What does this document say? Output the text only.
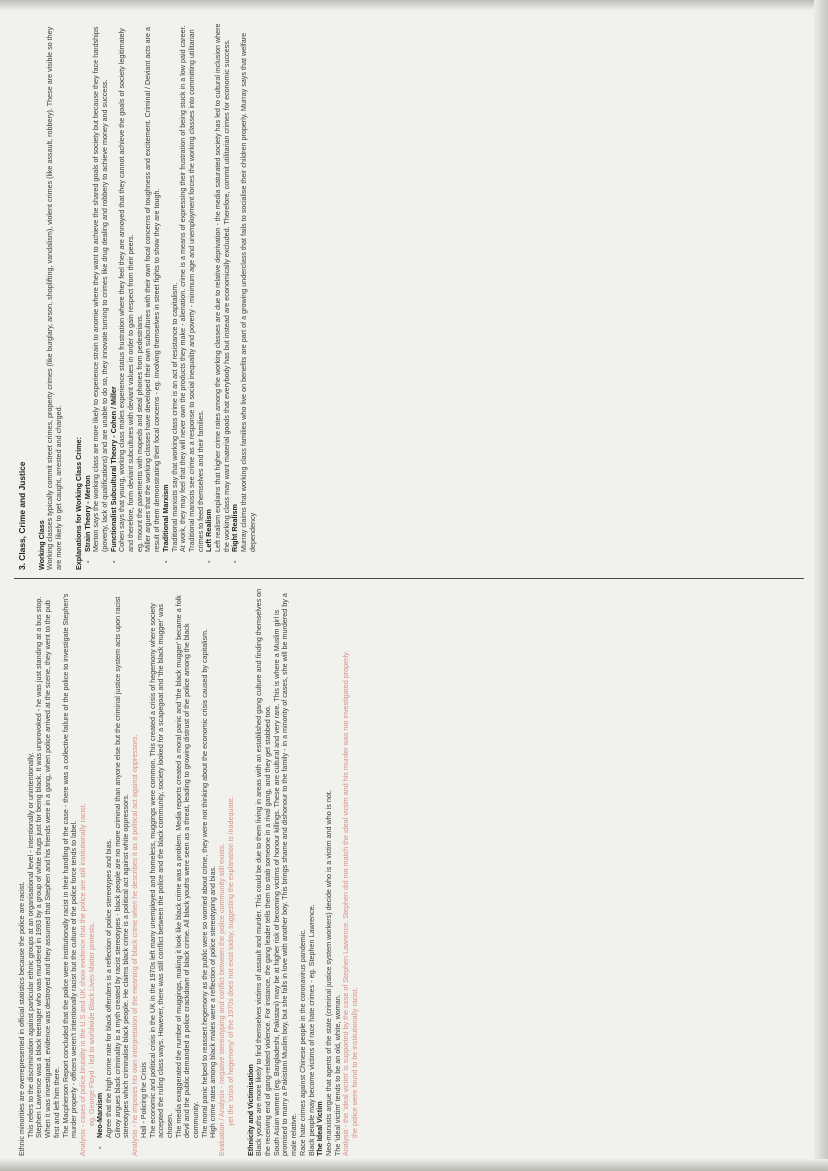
Ethnic minorities are overrepresented in official statistics because the police are racist. This refers to the discrimination against particular ethnic groups at an organisational level - intentionally or unintentionally. Stephen Lawrence was a black teenager who was murdered in 1993 by a group of white thugs just for being black. It was unprovoked - he was just standing at a bus stop. When it was investigated, evidence was destroyed and they assumed that Stephen and his friends were in a gang, when police arrived at the scene, they went to the pub first and left him there. The Macpherson Report concluded that the police were institutionally racist in their handling of the case - there was a collective failure of the police to investigate Stephen's murder properly - officers weren't intentionally racist but the culture of the police force tends to label. Analysis - cases of police brutality in the U.S and UK show evidence that the police are still institutionally racist. eg. George Floyd - led to worldwide Black Lives Matter protests. - Neo-Marxism Agree that the high crime rate for black offenders is a reflection of police stereotypes and bias. Gilroy argues black criminality is a myth created by racist stereotypes - black people are no more criminal than anyone else but the criminal justice system acts upon racist stereotypes which criminalise black people. He claims black crime is a political act against white oppressors. Analysis - he imposes his own interpretation of the meaning of black crime when he describes it as a political act against oppressors. Hall - Policing the Crisis The economic and political crisis in the UK in the 1970s left many unemployed and homeless, muggings were common. This created a crisis of hegemony where society accepted the ruling class ways. However, there was still conflict between the police and the black community, society looked for a scapegoat and 'the black mugger' was chosen. The media exaggerated the number of muggings, making it look like black crime was a problem. Media reports created a moral panic and 'the black mugger' became a folk devil and the public demanded a police crackdown of black crime. All black youths were seen as a threat, leading to growing distrust of the police among the black community. The moral panic helped to reassert hegemony as the public were so worried about crime, they were not thinking about the economic crisis caused by capitalism. High crime rates among black males were a reflection of police stereotyping and bias. Evaluation / Analysis - negative stereotyping and conflict between the police community still exists. yet the 'crisis of hegemony' of the 1970s does not exist today, suggesting the explanation is inadequate. Ethnicity and Victimisation Black youths are more likely to find themselves victims of assault and murder. This could be due to them living in areas with an established gang culture and finding themselves on the receiving end of gang-related violence. For instance, the gang leader tells them to stab someone in a rival gang, and they get stabbed too. South Asian women (eg. Bangladeshi, Pakistani) may be at higher risk of becoming victims of honour killings. These are cultural and very rare. This is where a Muslim girl is promised to marry a Pakistani Muslim boy, but she falls in love with another boy. This brings shame and dishonour to the family - in a minority of cases, she will be murdered by a male relative. Race hate crimes against Chinese people in the coronavirus pandemic. Black people may become victims of race hate crimes - eg. Stephen Lawrence. The Ideal Victim Neo-marxists argue that agents of the state (criminal justice system workers) decide who is a victim and who is not. The 'ideal victim' tends to be an old, white, woman. Analysis - the 'ideal victim' is supported by the case of Stephen Lawrence. Stephen did not match the ideal victim and his murder was not investigated properly. the police were found to be institutionally racist.

3. Class, Crime and Justice Working Class Working classes typically commit street crimes, property crimes (like burglary, arson, shoplifting, vandalism), violent crimes (like assault, robbery). These are visible so they are more likely to get caught, arrested and charged. Explanations for Working Class Crime: - Strain Theory - Merton Merton says the working class are more likely to experience strain to anomie where they want to achieve the shared goals of society but because they face hardships (poverty, lack of qualifications) and are unable to do so, they innovate turning to crimes like drug dealing and robbery to achieve money and success. - Functionalist Subcultural Theory - Cohen / Miller Cohen says that young, working class males experience status frustration where they feel they are annoyed that they cannot achieve the goals of society legitimately and therefore, form deviant subcultures with deviant values in order to gain respect from their peers. eg. mount the pavements with mopeds and steal phones from pedestrians. Miller argues that the working classes have developed their own subcultures with their own focal concerns of toughness and excitement. Criminal / Deviant acts are a result of them demonstrating their focal concerns - eg. involving themselves in street fights to show they are tough. - Traditional Marxism Traditional marxists say that working class crime is an act of resistance to capitalism. At work, they may feel that they will never own the products they make - alienation. crime is a means of expressing their frustration of being stuck in a low paid career. Traditional marxists see crime as a response to social inequality and poverty - minimum age and unemployment forces the working classes into committing utilitarian crimes to feed themselves and their families. - Left Realism Left realism explains that higher crime rates among the working classes are due to relative deprivation - the media saturated society has led to cultural inclusion where the working class may want material goods that everybody has but instead are economically excluded. Therefore, commit utilitarian crimes for economic success. - Right Realism Murray claims that working class families who live on benefits are part of a growing underclass that fails to socialise their children properly. Murray says that welfare dependency
